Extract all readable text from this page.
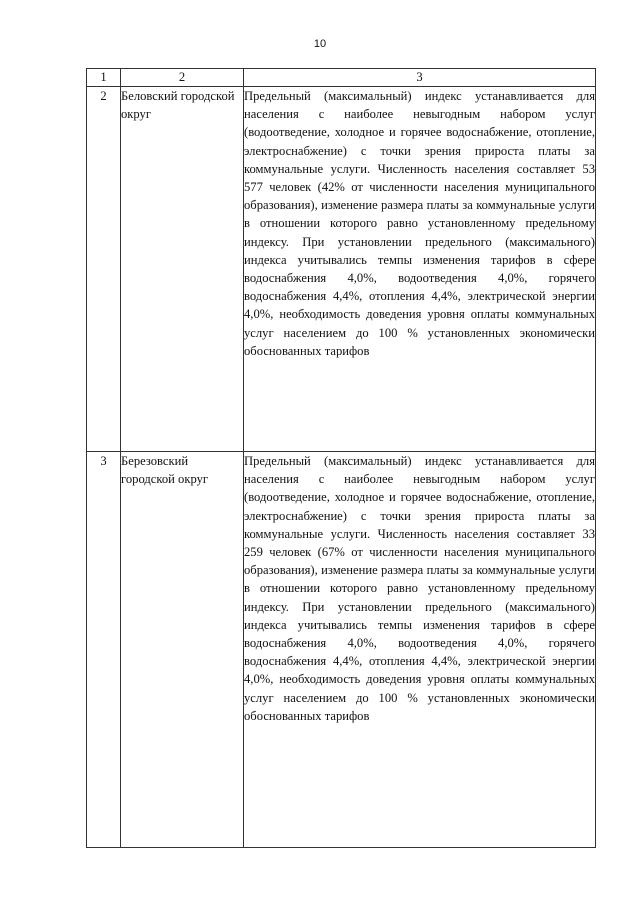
10
1	2	3
2	Беловский городской округ	Предельный (максимальный) индекс устанавливается для населения с наиболее невыгодным набором услуг (водоотведение, холодное и горячее водоснабжение, отопление, электроснабжение) с точки зрения прироста платы за коммунальные услуги. Численность населения составляет 53 577 человек (42% от численности населения муниципального образования), изменение размера платы за коммунальные услуги в отношении которого равно установленному предельному индексу. При установлении предельного (максимального) индекса учитывались темпы изменения тарифов в сфере водоснабжения 4,0%, водоотведения 4,0%, горячего водоснабжения 4,4%, отопления 4,4%, электрической энергии 4,0%, необходимость доведения уровня оплаты коммунальных услуг населением до 100 % установленных экономически обоснованных тарифов
3	Березовский городской округ	Предельный (максимальный) индекс устанавливается для населения с наиболее невыгодным набором услуг (водоотведение, холодное и горячее водоснабжение, отопление, электроснабжение) с точки зрения прироста платы за коммунальные услуги. Численность населения составляет 33 259 человек (67% от численности населения муниципального образования), изменение размера платы за коммунальные услуги в отношении которого равно установленному предельному индексу. При установлении предельного (максимального) индекса учитывались темпы изменения тарифов в сфере водоснабжения 4,0%, водоотведения 4,0%, горячего водоснабжения 4,4%, отопления 4,4%, электрической энергии 4,0%, необходимость доведения уровня оплаты коммунальных услуг населением до 100 % установленных экономически обоснованных тарифов
